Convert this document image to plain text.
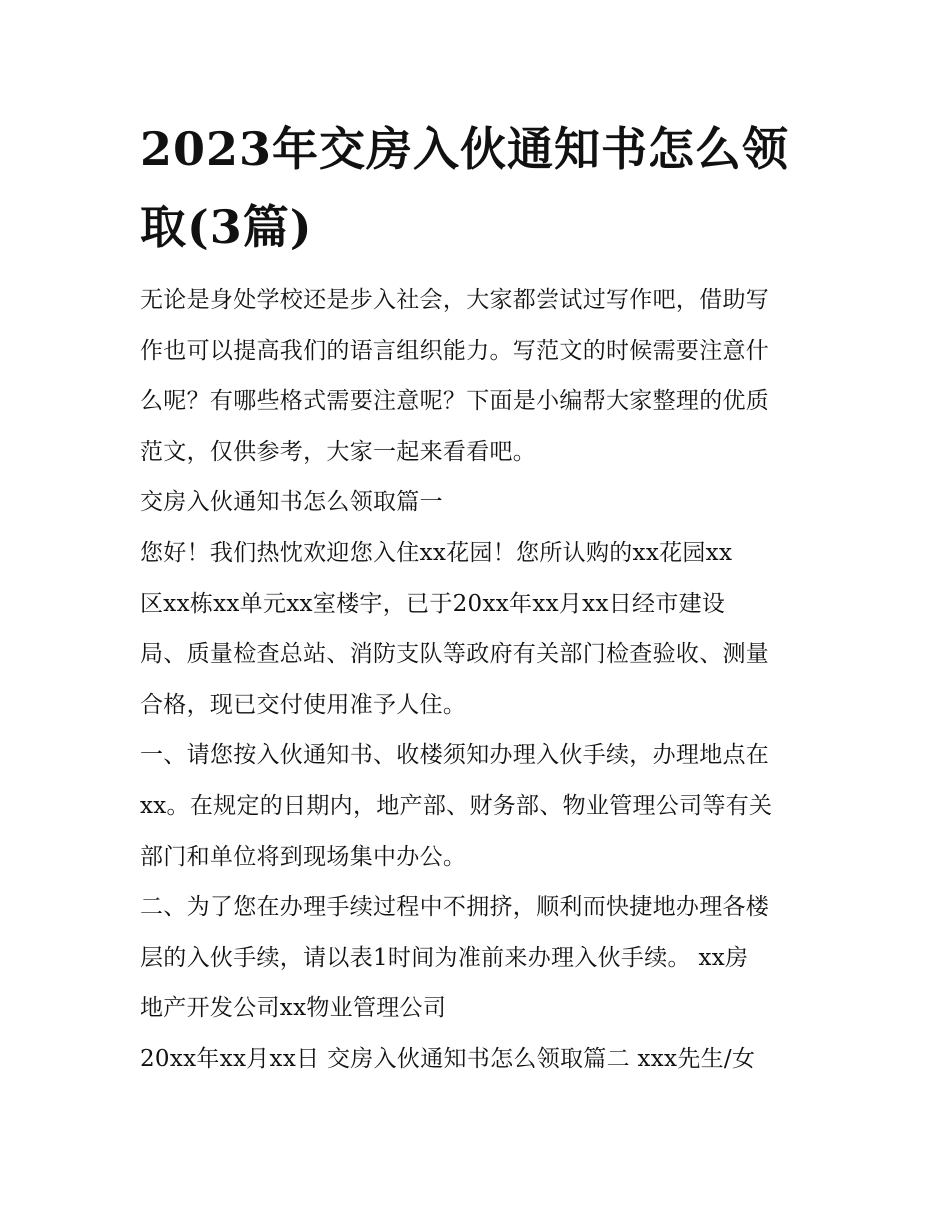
2023年交房入伙通知书怎么领
取(3篇)

无论是身处学校还是步入社会，大家都尝试过写作吧，借助写
作也可以提高我们的语言组织能力。写范文的时候需要注意什
么呢？有哪些格式需要注意呢？下面是小编帮大家整理的优质
范文，仅供参考，大家一起来看看吧。

交房入伙通知书怎么领取篇一

您好！我们热忱欢迎您入住xx花园！您所认购的xx花园xx
区xx栋xx单元xx室楼宇，已于20xx年xx月xx日经市建设
局、质量检查总站、消防支队等政府有关部门检查验收、测量
合格，现已交付使用准予人住。

一、请您按入伙通知书、收楼须知办理入伙手续，办理地点在
xx。在规定的日期内，地产部、财务部、物业管理公司等有关
部门和单位将到现场集中办公。

二、为了您在办理手续过程中不拥挤，顺利而快捷地办理各楼
层的入伙手续，请以表1时间为准前来办理入伙手续。 xx房
地产开发公司xx物业管理公司

20xx年xx月xx日 交房入伙通知书怎么领取篇二 xxx先生/女
